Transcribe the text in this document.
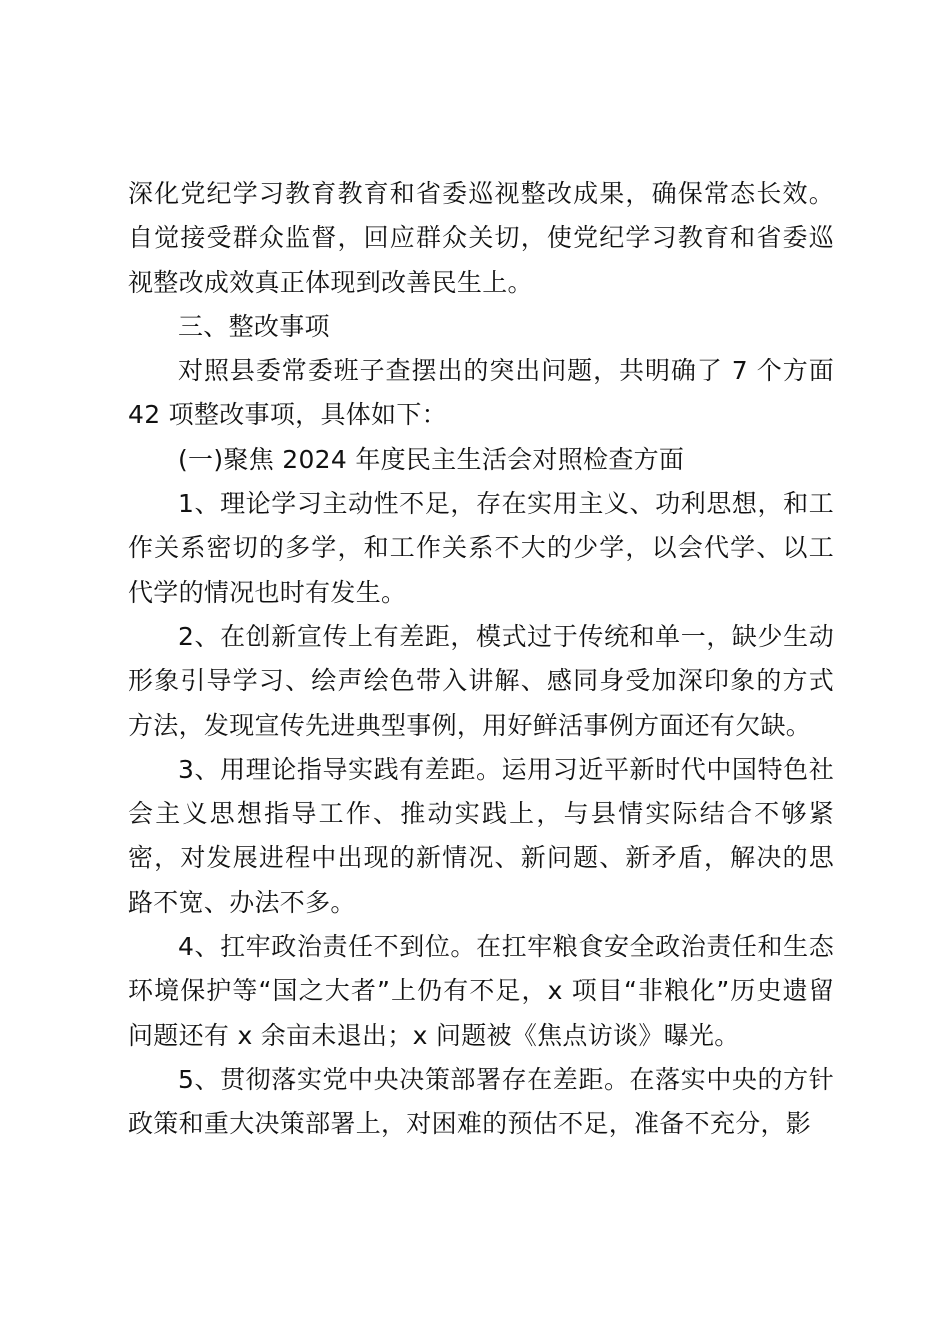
深化党纪学习教育教育和省委巡视整改成果，确保常态长效。自觉接受群众监督，回应群众关切，使党纪学习教育和省委巡视整改成效真正体现到改善民生上。

三、整改事项

对照县委常委班子查摆出的突出问题，共明确了 7 个方面 42 项整改事项，具体如下：

(一)聚焦 2024 年度民主生活会对照检查方面

1、理论学习主动性不足，存在实用主义、功利思想，和工作关系密切的多学，和工作关系不大的少学，以会代学、以工代学的情况也时有发生。

2、在创新宣传上有差距，模式过于传统和单一，缺少生动形象引导学习、绘声绘色带入讲解、感同身受加深印象的方式方法，发现宣传先进典型事例，用好鲜活事例方面还有欠缺。

3、用理论指导实践有差距。运用习近平新时代中国特色社会主义思想指导工作、推动实践上，与县情实际结合不够紧密，对发展进程中出现的新情况、新问题、新矛盾，解决的思路不宽、办法不多。

4、扛牢政治责任不到位。在扛牢粮食安全政治责任和生态环境保护等“国之大者”上仍有不足，x 项目“非粮化”历史遗留问题还有 x 余亩未退出；x 问题被《焦点访谈》曝光。

5、贯彻落实党中央决策部署存在差距。在落实中央的方针政策和重大决策部署上，对困难的预估不足，准备不充分，影
